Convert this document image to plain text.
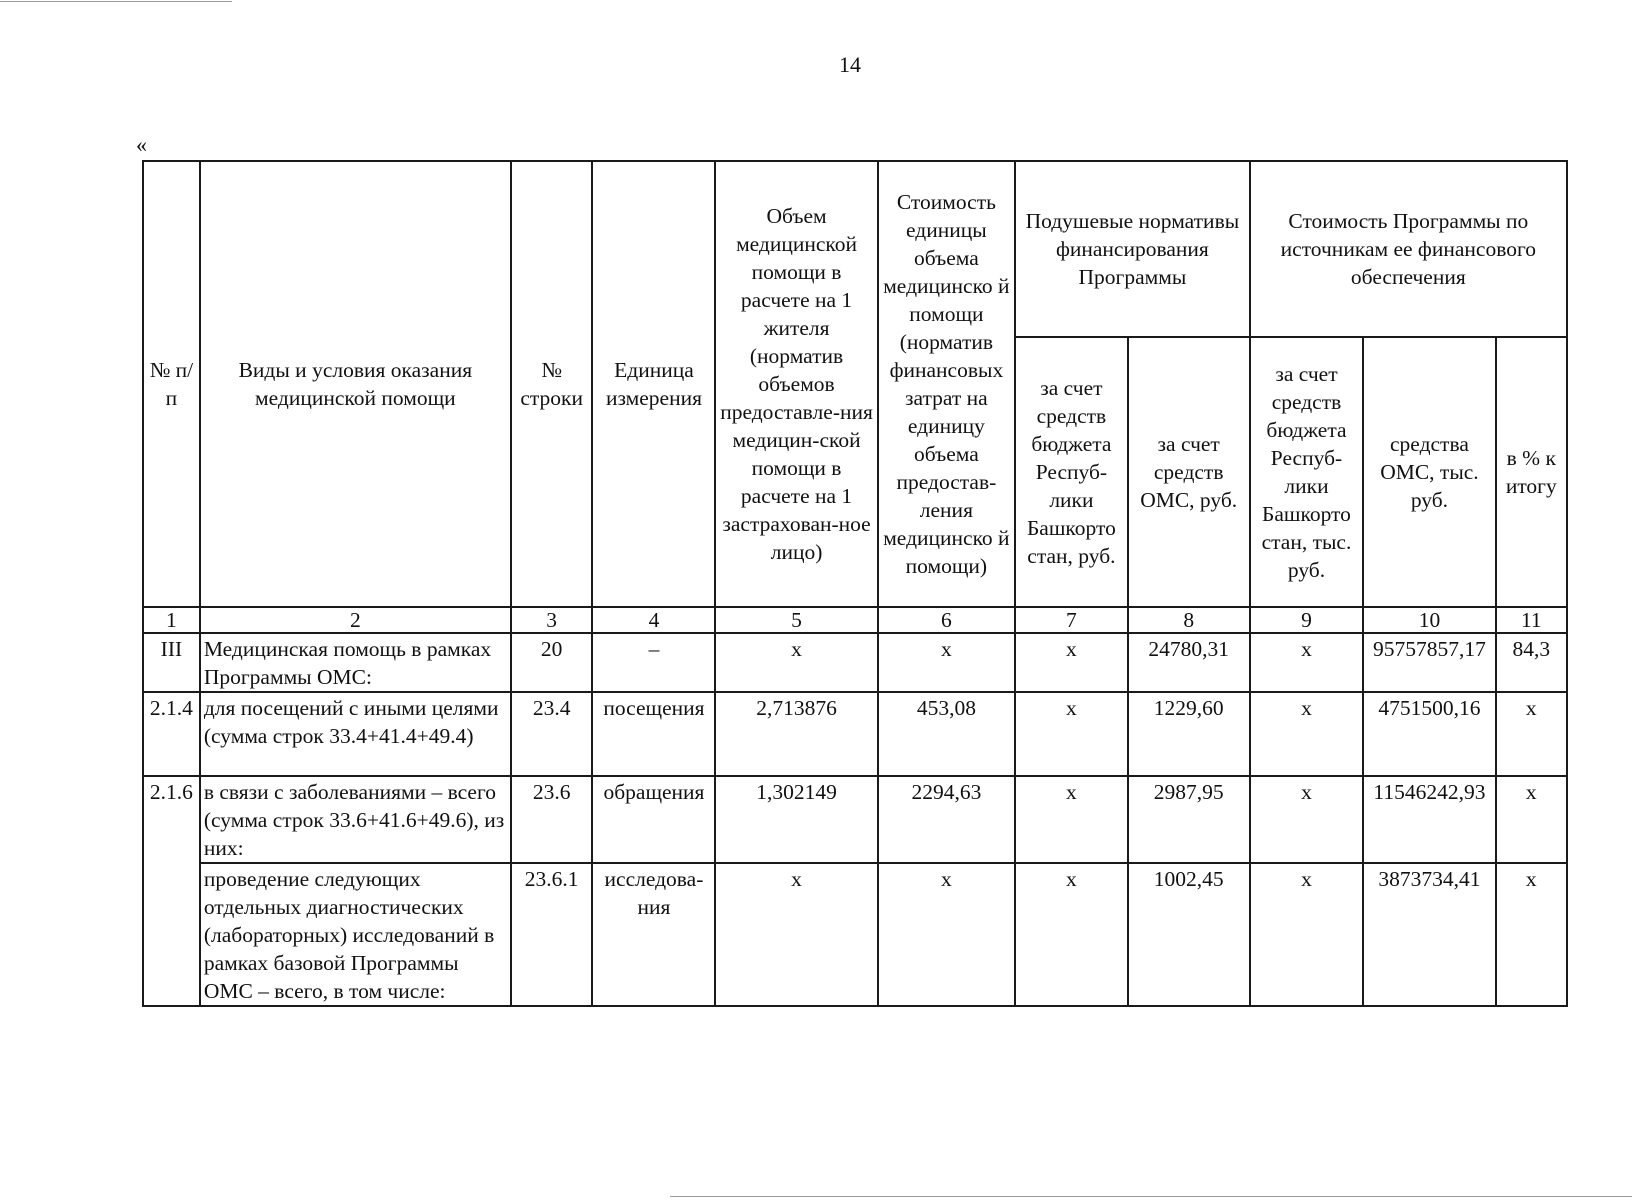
14
«
№ п/п	Виды и условия оказания медицинской помощи	№ строки	Единица измерения	Объем медицинской помощи в расчете на 1 жителя (норматив объемов предоставле-ния медицин-ской помощи в расчете на 1 застрахован-ное лицо)	Стоимость единицы объема медицинско й помощи (норматив финансовых затрат на единицу объема предостав-ления медицинско й помощи)	Подушевые нормативы финансирования Программы		Стоимость Программы по источникам ее финансового обеспечения		
						за счет средств бюджета Респуб-лики Башкорто стан, руб.	за счет средств ОМС, руб.	за счет средств бюджета Респуб-лики Башкорто стан, тыс. руб.	средства ОМС, тыс. руб.	в % к итогу
1	2	3	4	5	6	7	8	9	10	11
III	Медицинская помощь в рамках Программы ОМС:	20	–	х	х	х	24780,31	х	95757857,17	84,3
2.1.4	для посещений с иными целями (сумма строк 33.4+41.4+49.4)	23.4	посещения	2,713876	453,08	х	1229,60	х	4751500,16	х
2.1.6	в связи с заболеваниями – всего (сумма строк 33.6+41.6+49.6), из них:	23.6	обращения	1,302149	2294,63	х	2987,95	х	11546242,93	х
	проведение следующих отдельных диагностических (лабораторных) исследований в рамках базовой Программы ОМС – всего, в том числе:	23.6.1	исследова-ния	х	х	х	1002,45	х	3873734,41	х
